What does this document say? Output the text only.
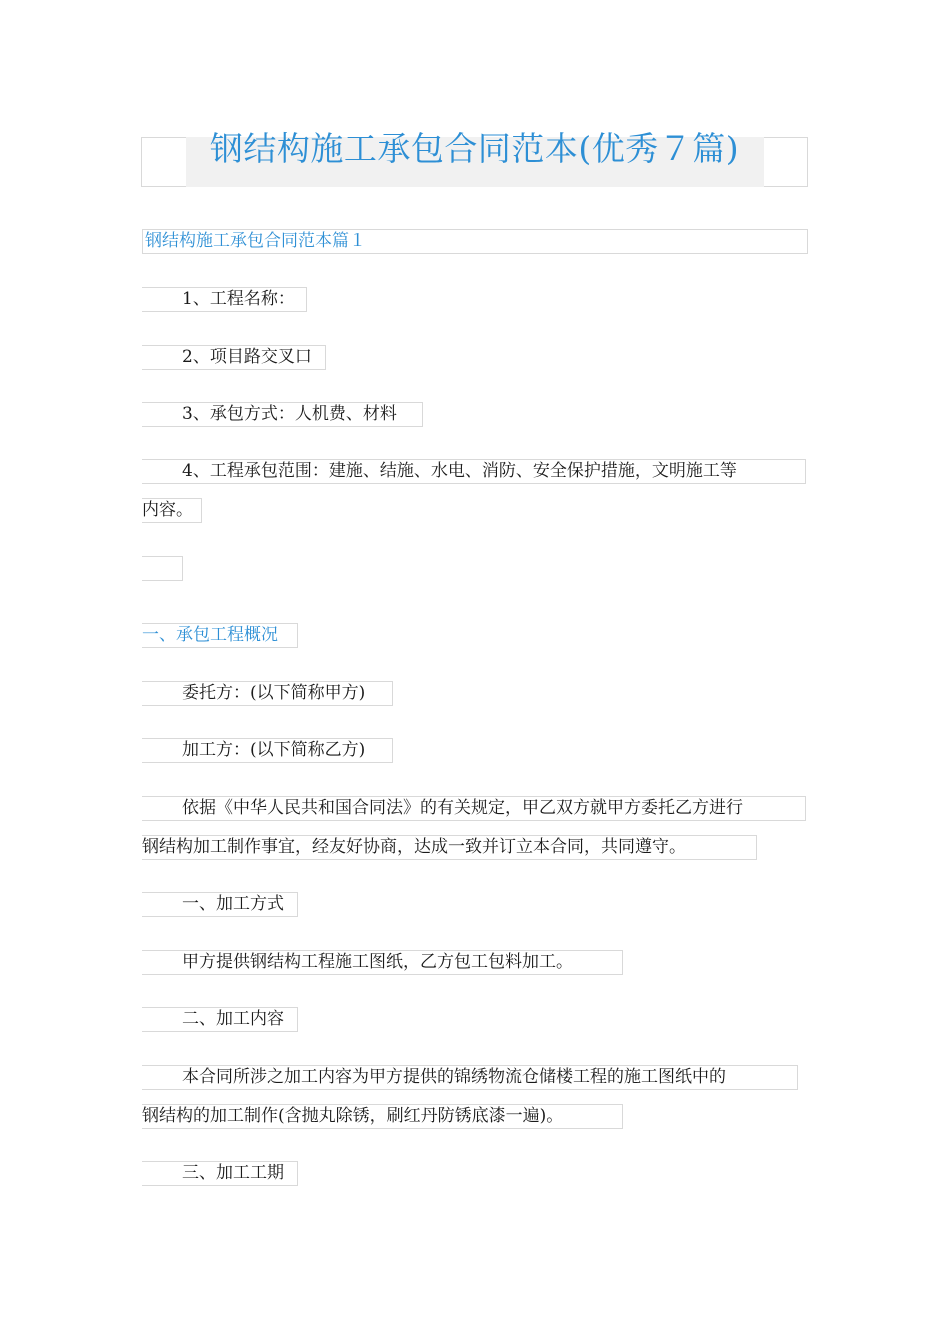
钢结构施工承包合同范本(优秀７篇)
钢结构施工承包合同范本篇１
1、工程名称：
2、项目路交叉口
3、承包方式：人机费、材料
4、工程承包范围：建施、结施、水电、消防、安全保护措施，文明施工等
内容。
一、承包工程概况
委托方：(以下简称甲方)
加工方：(以下简称乙方)
依据《中华人民共和国合同法》的有关规定，甲乙双方就甲方委托乙方进行
钢结构加工制作事宜，经友好协商，达成一致并订立本合同，共同遵守。
一、加工方式
甲方提供钢结构工程施工图纸，乙方包工包料加工。
二、加工内容
本合同所涉之加工内容为甲方提供的锦绣物流仓储楼工程的施工图纸中的
钢结构的加工制作(含抛丸除锈，刷红丹防锈底漆一遍)。
三、加工工期
